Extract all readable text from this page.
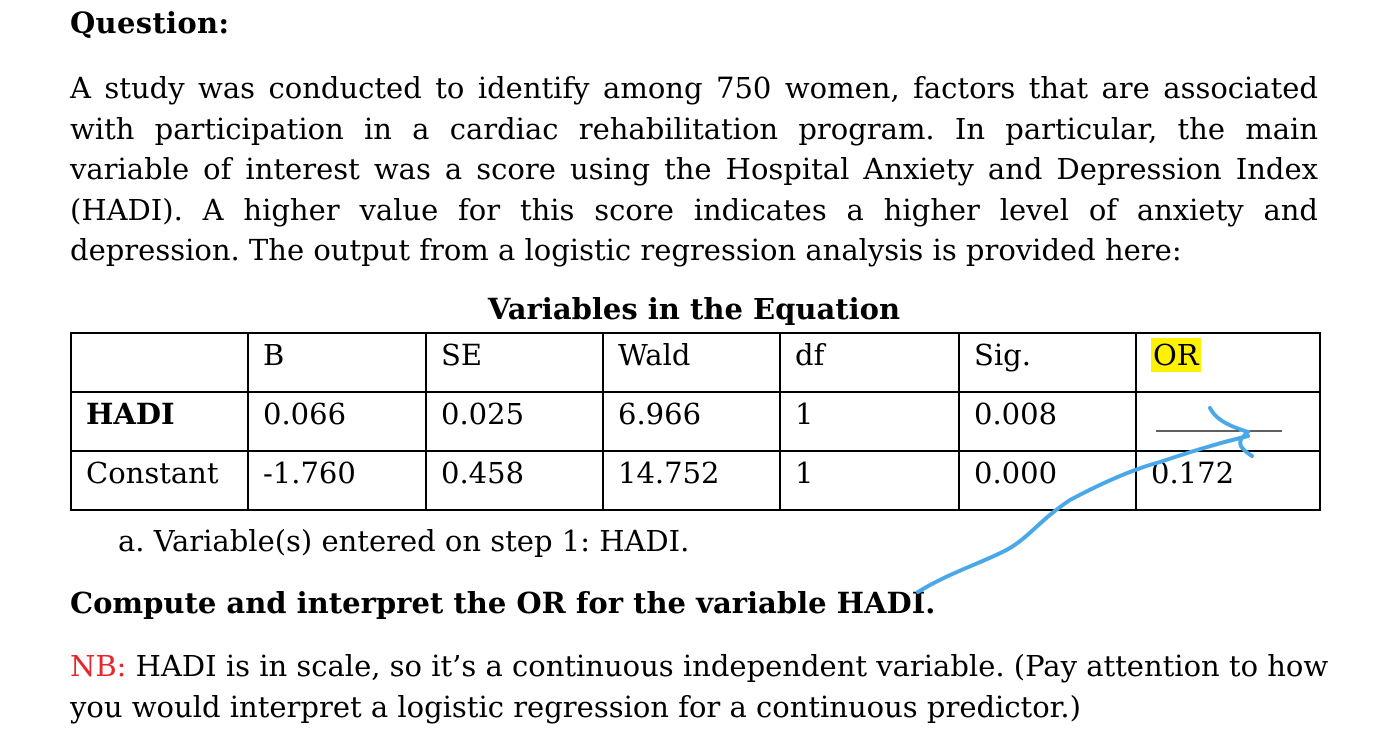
Question:
A study was conducted to identify among 750 women, factors that are associated with participation in a cardiac rehabilitation program. In particular, the main variable of interest was a score using the Hospital Anxiety and Depression Index (HADI). A higher value for this score indicates a higher level of anxiety and depression. The output from a logistic regression analysis is provided here:
Variables in the Equation
	B	SE	Wald	df	Sig.	OR
HADI	0.066	0.025	6.966	1	0.008	
Constant	-1.760	0.458	14.752	1	0.000	0.172
a. Variable(s) entered on step 1: HADI.
Compute and interpret the OR for the variable HADI.
NB: HADI is in scale, so it’s a continuous independent variable. (Pay attention to how you would interpret a logistic regression for a continuous predictor.)
